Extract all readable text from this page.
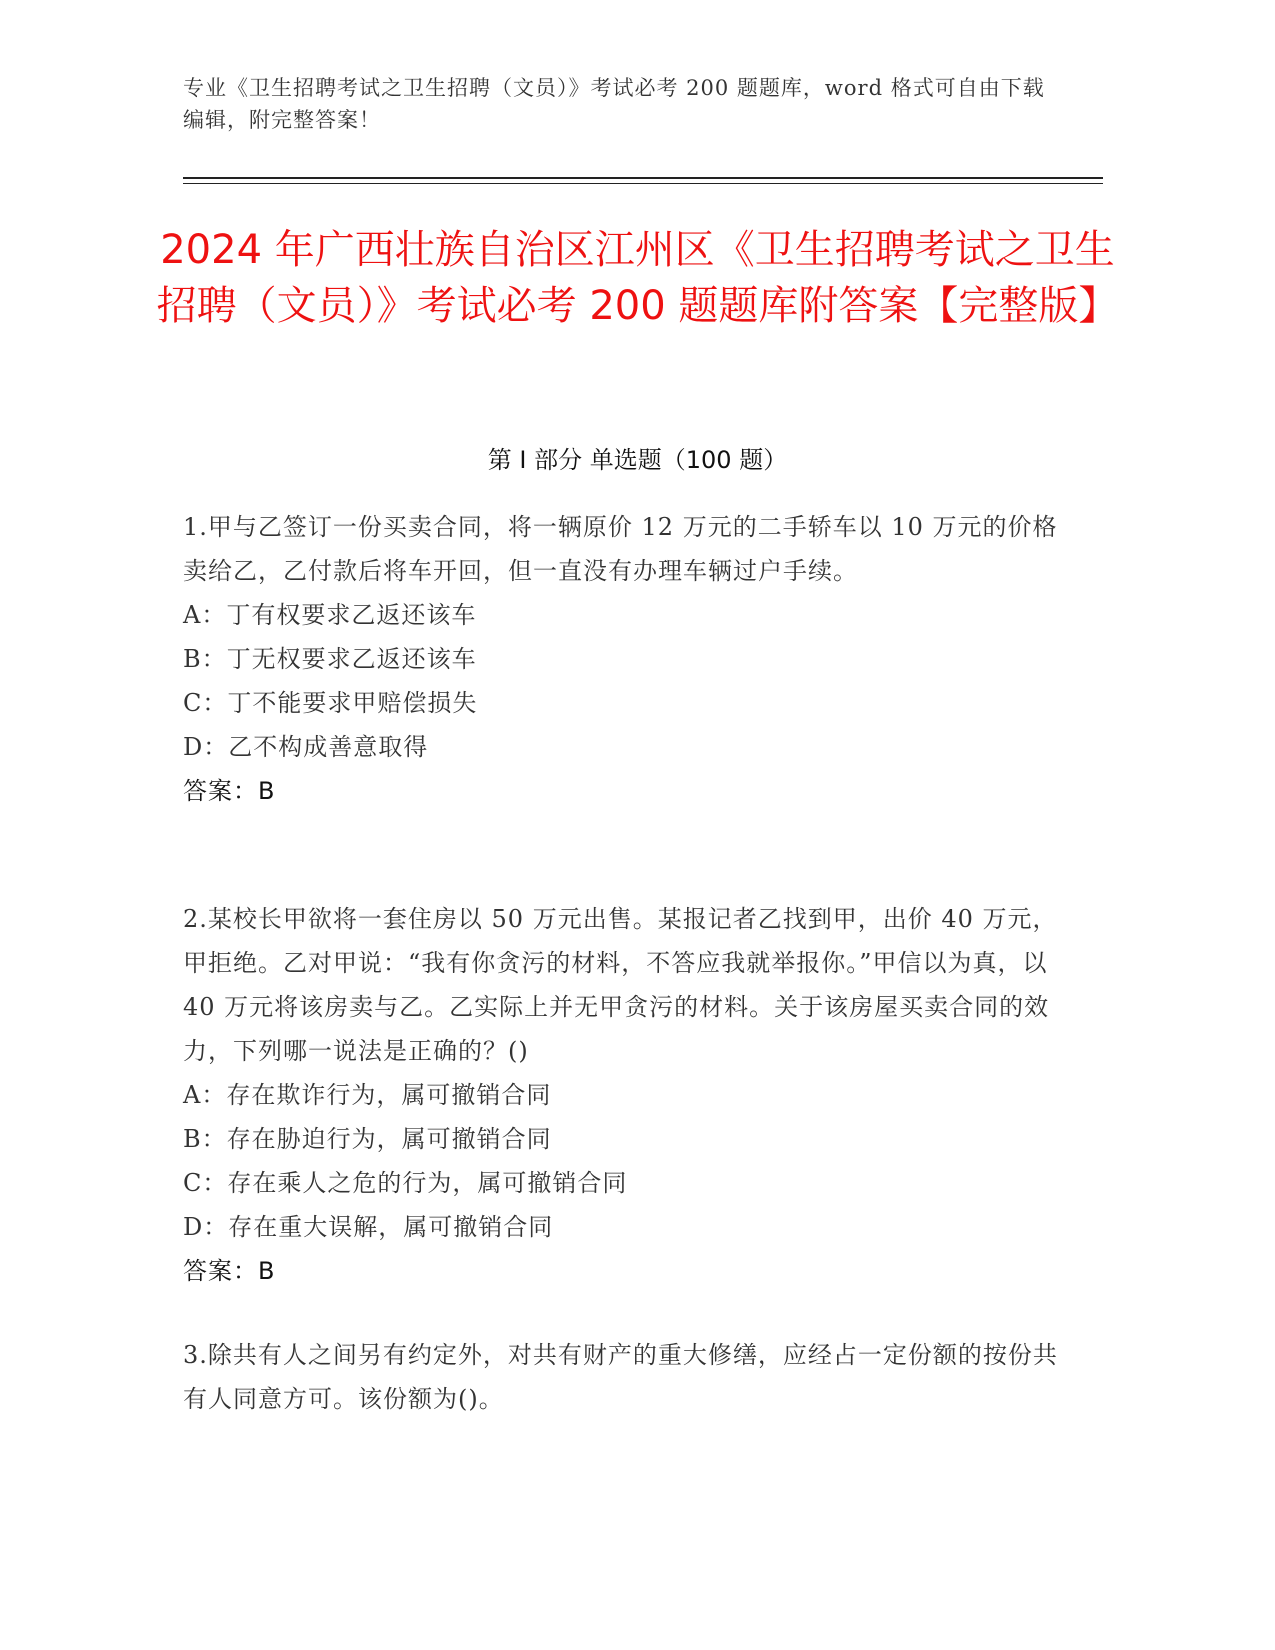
专业《卫生招聘考试之卫生招聘（文员）》考试必考 200 题题库，word 格式可自由下载编辑，附完整答案！
2024 年广西壮族自治区江州区《卫生招聘考试之卫生招聘（文员）》考试必考 200 题题库附答案【完整版】
第 I 部分 单选题（100 题）
1.甲与乙签订一份买卖合同，将一辆原价 12 万元的二手轿车以 10 万元的价格卖给乙，乙付款后将车开回，但一直没有办理车辆过户手续。
A：丁有权要求乙返还该车
B：丁无权要求乙返还该车
C：丁不能要求甲赔偿损失
D：乙不构成善意取得
答案：B
2.某校长甲欲将一套住房以 50 万元出售。某报记者乙找到甲，出价 40 万元，甲拒绝。乙对甲说：“我有你贪污的材料，不答应我就举报你。”甲信以为真，以 40 万元将该房卖与乙。乙实际上并无甲贪污的材料。关于该房屋买卖合同的效力，下列哪一说法是正确的？()
A：存在欺诈行为，属可撤销合同
B：存在胁迫行为，属可撤销合同
C：存在乘人之危的行为，属可撤销合同
D：存在重大误解，属可撤销合同
答案：B
3.除共有人之间另有约定外，对共有财产的重大修缮，应经占一定份额的按份共有人同意方可。该份额为()。
